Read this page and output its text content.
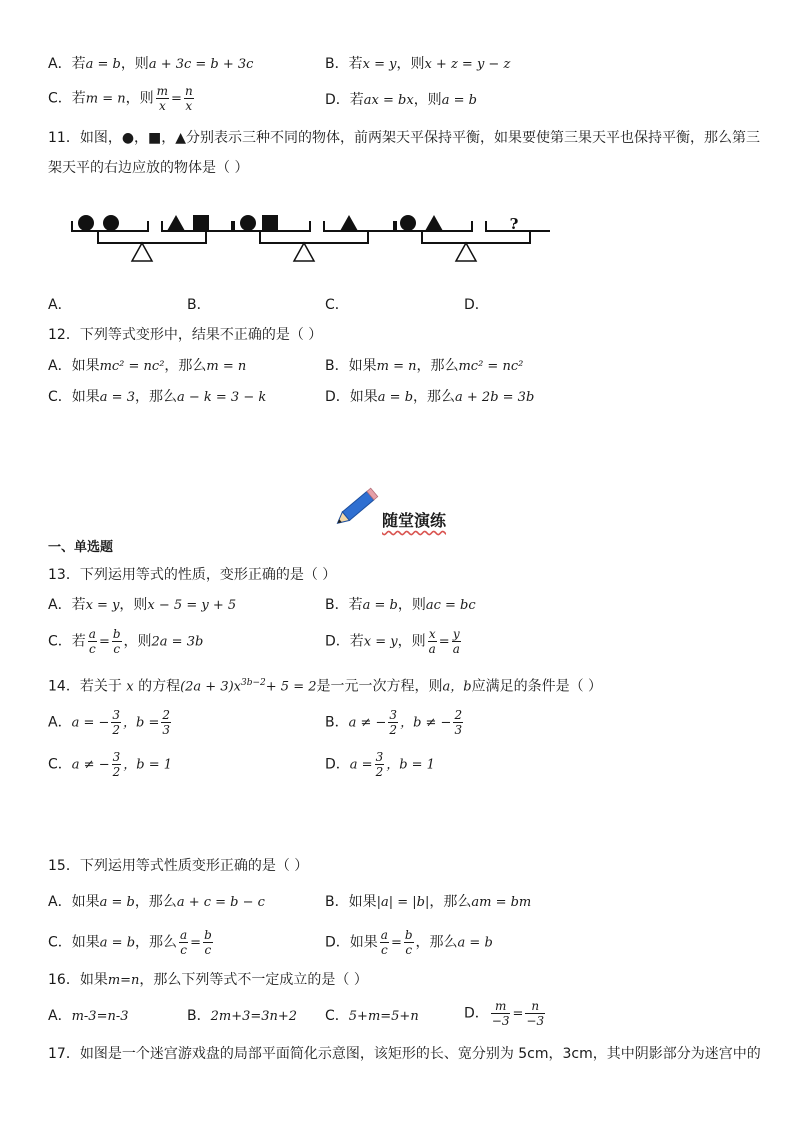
A．若a = b，则a + 3c = b + 3c	B．若x = y，则x + z = y − z
C．若m = n，则 $\frac{m}{x} = \frac{n}{x}$	D．若ax = bx，则a = b
11．如图，●，■，▲分别表示三种不同的物体，前两架天平保持平衡，如果要使第三果天平也保持平衡，那么第三
架天平的右边应放的物体是（ ）
?
A．	B．	C．	D．
12．下列等式变形中，结果不正确的是（ ）
A．如果mc² = nc²，那么m = n	B．如果m = n，那么mc² = nc²
C．如果a = 3，那么a − k = 3 − k	D．如果a = b，那么a + 2b = 3b
随堂演练
一、单选题
13．下列运用等式的性质，变形正确的是（ ）
A．若x = y，则x − 5 = y + 5	B．若a = b，则ac = bc
C．若 $\frac{a}{c} = \frac{b}{c}$ ，则2a = 3b	D．若x = y，则 $\frac{x}{a} = \frac{y}{a}$
14．若关于 x 的方程$(2a + 3)x^{3b-2}+ 5 = 2$是一元一次方程，则a，b应满足的条件是（ ）
A．a = − $\frac{3}{2}$ ，$b = \frac{2}{3}$	B．a ≠ − $\frac{3}{2}$ ，b ≠ − $\frac{2}{3}$
C．a ≠ − $\frac{3}{2}$ ，b = 1	D．$a = \frac{3}{2}$ ，b = 1
15．下列运用等式性质变形正确的是（ ）
A．如果a = b，那么a + c = b − c	B．如果|a| = |b|，那么am = bm
C．如果a = b，那么 $\frac{a}{c} = \frac{b}{c}$	D．如果 $\frac{a}{c} = \frac{b}{c}$ ，那么a = b
16．如果m=n，那么下列等式不一定成立的是（ ）
A．m-3=n-3	B．2m+3=3n+2 C．5+m=5+n	D． $\frac{m}{-3} = \frac{n}{-3}$
17．如图是一个迷宫游戏盘的局部平面简化示意图，该矩形的长、宽分别为 5cm，3cm，其中阴影部分为迷宫中的
